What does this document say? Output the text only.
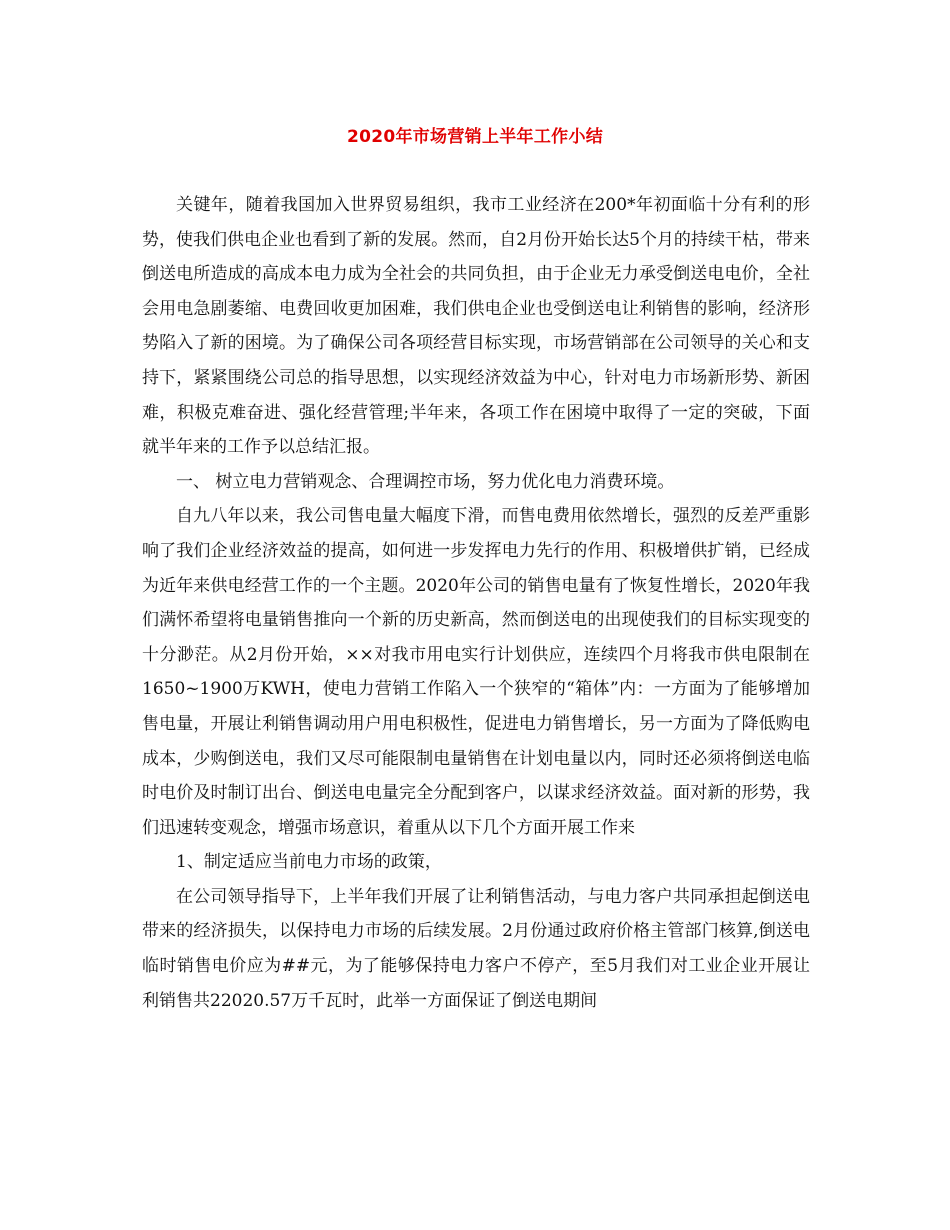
2020年市场营销上半年工作小结

关键年，随着我国加入世界贸易组织，我市工业经济在200*年初面临十分有利的形势，使我们供电企业也看到了新的发展。然而，自2月份开始长达5个月的持续干枯，带来倒送电所造成的高成本电力成为全社会的共同负担，由于企业无力承受倒送电电价，全社会用电急剧萎缩、电费回收更加困难，我们供电企业也受倒送电让利销售的影响，经济形势陷入了新的困境。为了确保公司各项经营目标实现，市场营销部在公司领导的关心和支持下，紧紧围绕公司总的指导思想，以实现经济效益为中心，针对电力市场新形势、新困难，积极克难奋进、强化经营管理;半年来，各项工作在困境中取得了一定的突破，下面就半年来的工作予以总结汇报。

一、 树立电力营销观念、合理调控市场，努力优化电力消费环境。

自九八年以来，我公司售电量大幅度下滑，而售电费用依然增长，强烈的反差严重影响了我们企业经济效益的提高，如何进一步发挥电力先行的作用、积极增供扩销，已经成为近年来供电经营工作的一个主题。2020年公司的销售电量有了恢复性增长，2020年我们满怀希望将电量销售推向一个新的历史新高，然而倒送电的出现使我们的目标实现变的十分渺茫。从2月份开始，××对我市用电实行计划供应，连续四个月将我市供电限制在1650~1900万KWH，使电力营销工作陷入一个狭窄的“箱体”内：一方面为了能够增加售电量，开展让利销售调动用户用电积极性，促进电力销售增长，另一方面为了降低购电成本，少购倒送电，我们又尽可能限制电量销售在计划电量以内，同时还必须将倒送电临时电价及时制订出台、倒送电电量完全分配到客户，以谋求经济效益。面对新的形势，我们迅速转变观念，增强市场意识，着重从以下几个方面开展工作来

1、制定适应当前电力市场的政策，

在公司领导指导下，上半年我们开展了让利销售活动，与电力客户共同承担起倒送电带来的经济损失，以保持电力市场的后续发展。2月份通过政府价格主管部门核算,倒送电临时销售电价应为##元，为了能够保持电力客户不停产，至5月我们对工业企业开展让利销售共22020.57万千瓦时，此举一方面保证了倒送电期间
